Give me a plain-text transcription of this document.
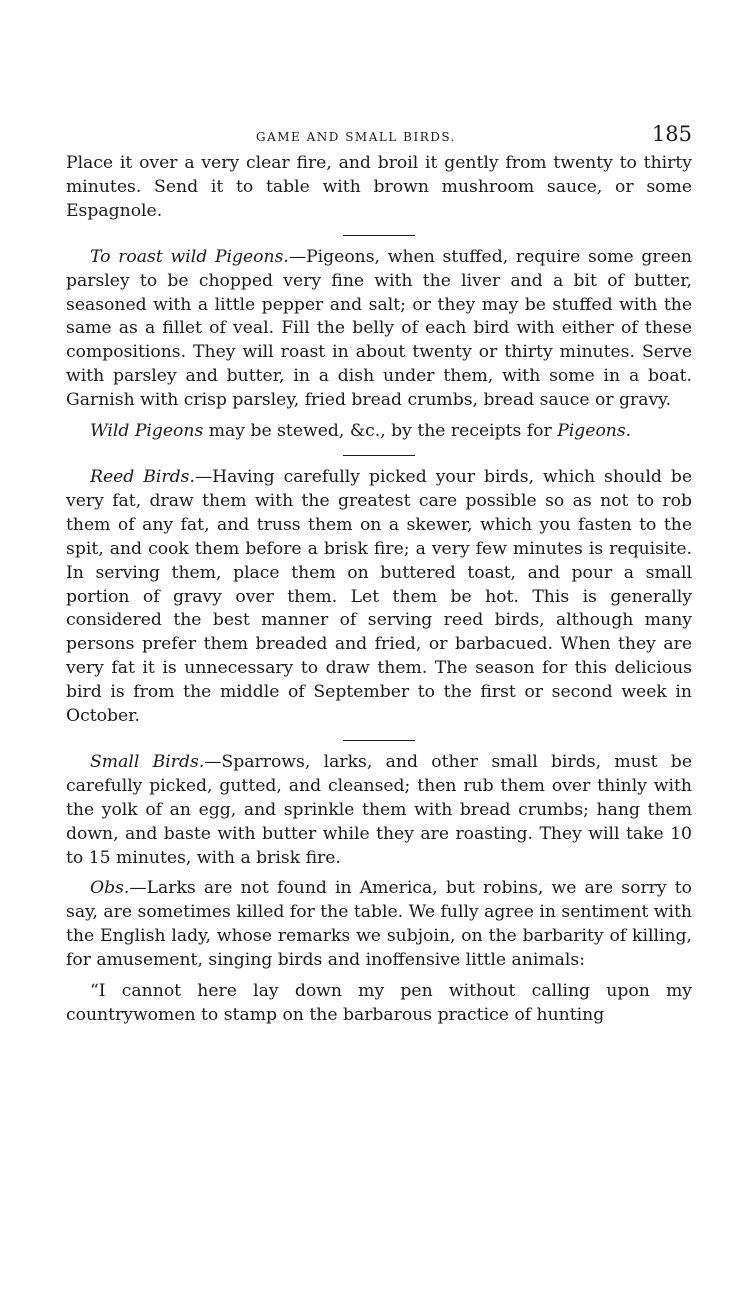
GAME AND SMALL BIRDS.	185

Place it over a very clear fire, and broil it gently from twenty to thirty minutes. Send it to table with brown mushroom sauce, or some Espagnole.

To roast wild Pigeons.—Pigeons, when stuffed, require some green parsley to be chopped very fine with the liver and a bit of butter, seasoned with a little pepper and salt; or they may be stuffed with the same as a fillet of veal. Fill the belly of each bird with either of these compositions. They will roast in about twenty or thirty minutes. Serve with parsley and butter, in a dish under them, with some in a boat. Garnish with crisp parsley, fried bread crumbs, bread sauce or gravy.

Wild Pigeons may be stewed, &c., by the receipts for Pigeons.

Reed Birds.—Having carefully picked your birds, which should be very fat, draw them with the greatest care possible so as not to rob them of any fat, and truss them on a skewer, which you fasten to the spit, and cook them before a brisk fire; a very few minutes is requisite. In serving them, place them on buttered toast, and pour a small portion of gravy over them. Let them be hot. This is generally considered the best manner of serving reed birds, although many persons prefer them breaded and fried, or barbacued. When they are very fat it is unnecessary to draw them. The season for this delicious bird is from the middle of September to the first or second week in October.

Small Birds.—Sparrows, larks, and other small birds, must be carefully picked, gutted, and cleansed; then rub them over thinly with the yolk of an egg, and sprinkle them with bread crumbs; hang them down, and baste with butter while they are roasting. They will take 10 to 15 minutes, with a brisk fire.

Obs.—Larks are not found in America, but robins, we are sorry to say, are sometimes killed for the table. We fully agree in sentiment with the English lady, whose remarks we subjoin, on the barbarity of killing, for amusement, singing birds and inoffensive little animals:

“I cannot here lay down my pen without calling upon my countrywomen to stamp on the barbarous practice of hunting
